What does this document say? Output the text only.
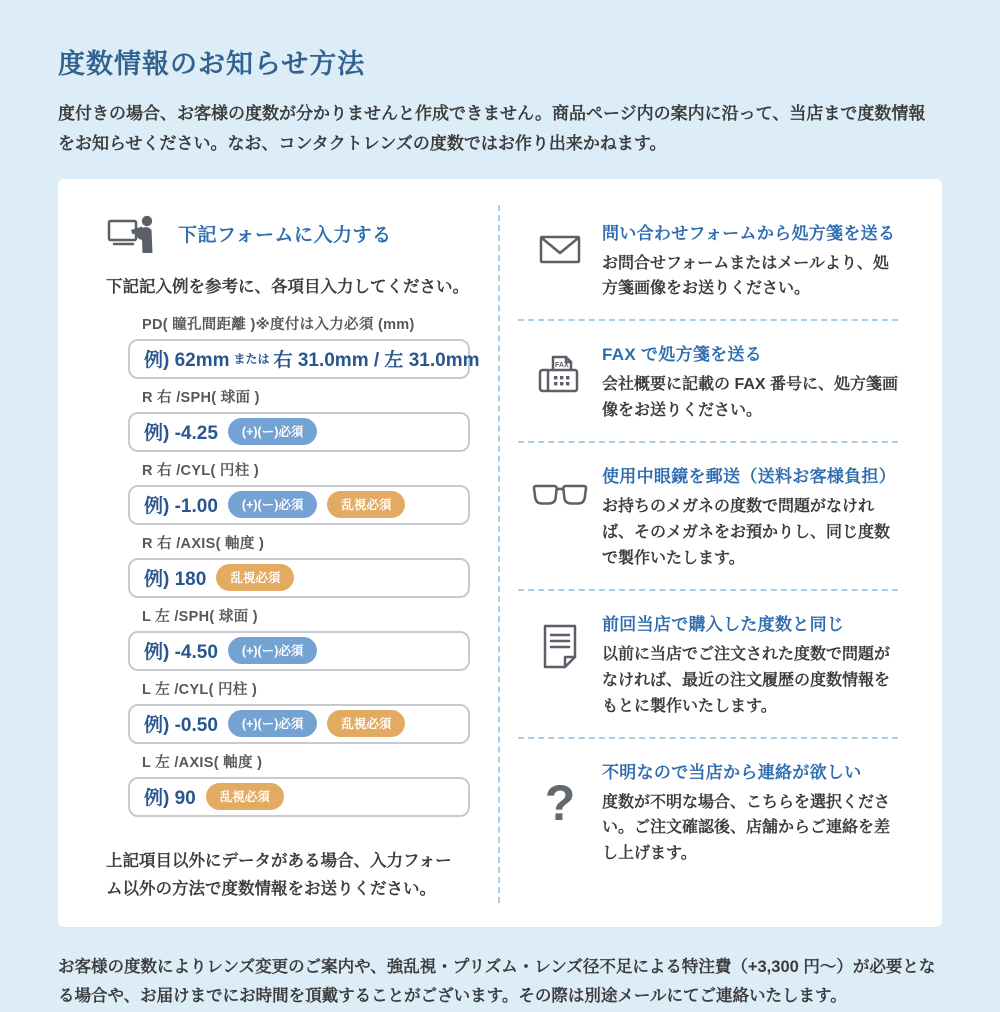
度数情報のお知らせ方法
度付きの場合、お客様の度数が分かりませんと作成できません。商品ページ内の案内に沿って、当店まで度数情報をお知らせください。なお、コンタクトレンズの度数ではお作り出来かねます。
下記フォームに入力する
下記記入例を参考に、各項目入力してください。
PD( 瞳孔間距離 )※度付は入力必須 (mm)
例) 62mm または 右 31.0mm / 左 31.0mm
R 右 /SPH( 球面 )
例) -4.25	(+)(ー)必須
R 右 /CYL( 円柱 )
例) -1.00	(+)(ー)必須	乱視必須
R 右 /AXIS( 軸度 )
例) 180	乱視必須
L 左 /SPH( 球面 )
例) -4.50	(+)(ー)必須
L 左 /CYL( 円柱 )
例) -0.50	(+)(ー)必須	乱視必須
L 左 /AXIS( 軸度 )
例) 90	乱視必須
上記項目以外にデータがある場合、入力フォーム以外の方法で度数情報をお送りください。
問い合わせフォームから処方箋を送る
お問合せフォームまたはメールより、処方箋画像をお送りください。
FAX
FAX で処方箋を送る
会社概要に記載の FAX 番号に、処方箋画像をお送りください。
使用中眼鏡を郵送（送料お客様負担）
お持ちのメガネの度数で問題がなければ、そのメガネをお預かりし、同じ度数で製作いたします。
前回当店で購入した度数と同じ
以前に当店でご注文された度数で問題がなければ、最近の注文履歴の度数情報をもとに製作いたします。
?
不明なので当店から連絡が欲しい
度数が不明な場合、こちらを選択ください。ご注文確認後、店舗からご連絡を差し上げます。
お客様の度数によりレンズ変更のご案内や、強乱視・プリズム・レンズ径不足による特注費（+3,300 円〜）が必要となる場合や、お届けまでにお時間を頂戴することがございます。その際は別途メールにてご連絡いたします。
